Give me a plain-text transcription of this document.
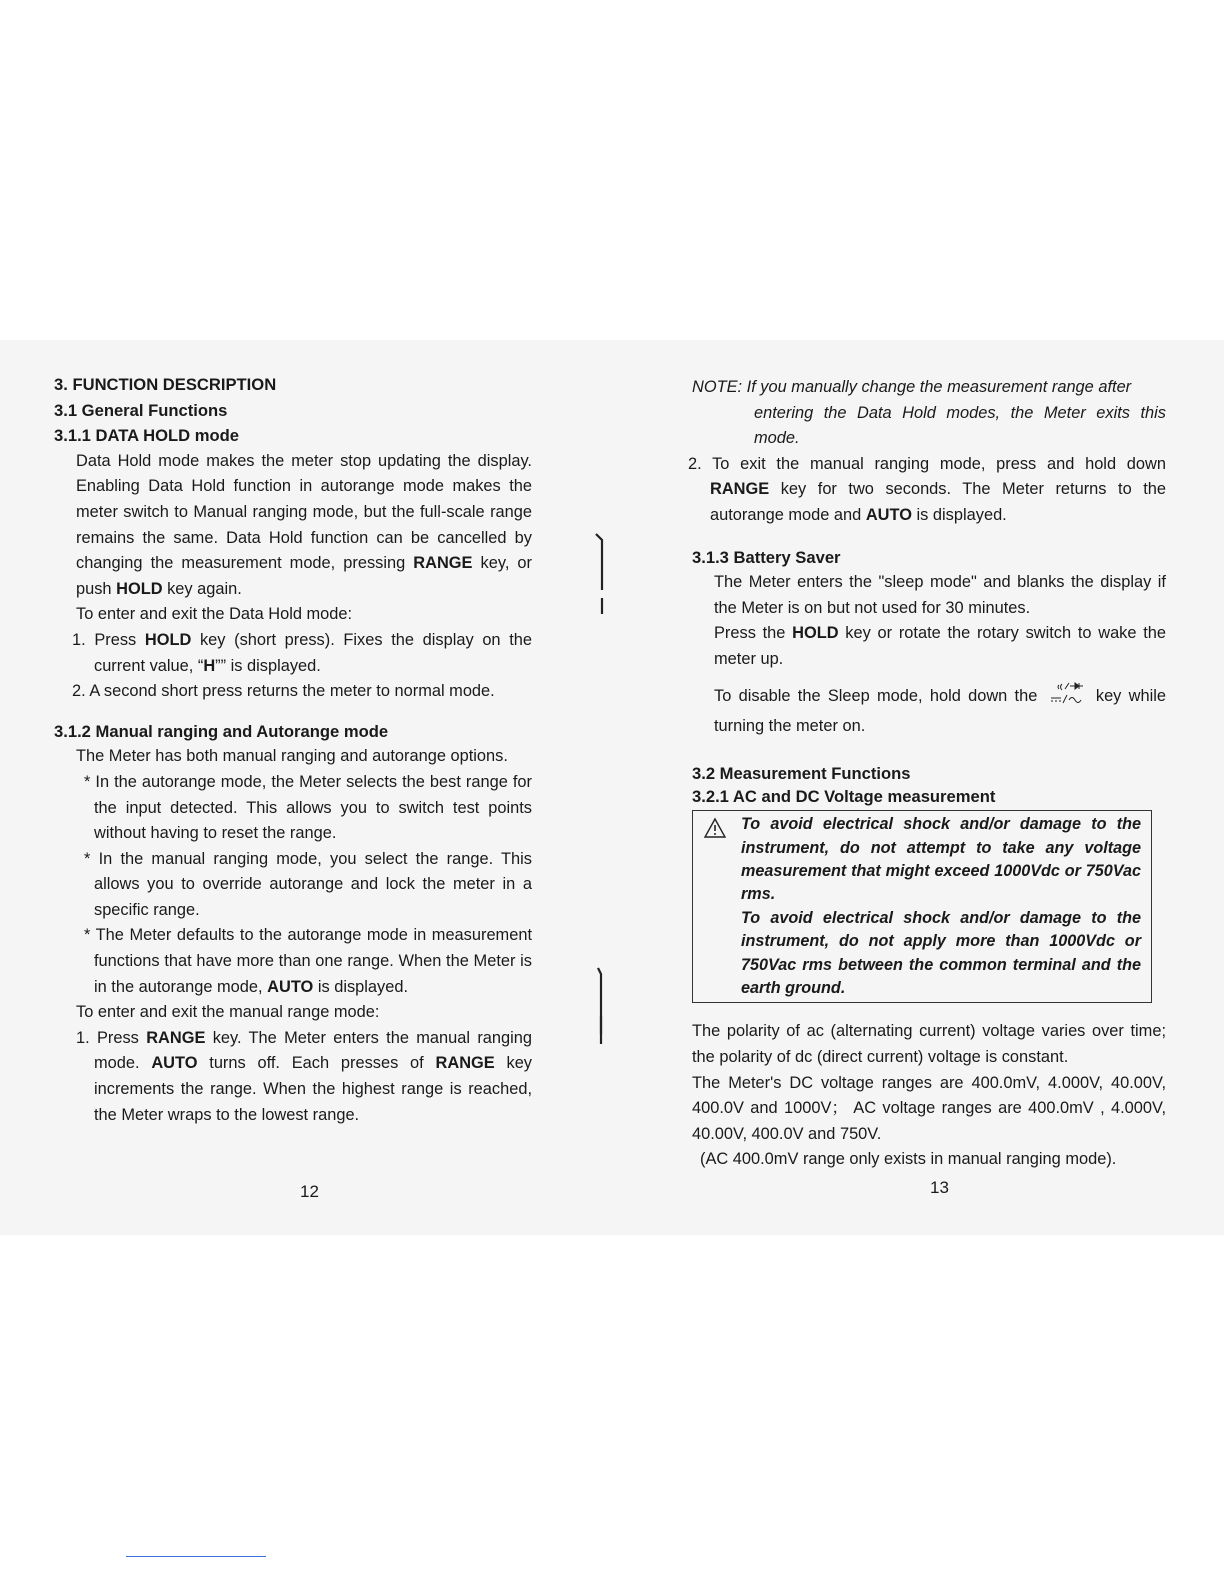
3. FUNCTION DESCRIPTION

3.1 General Functions

3.1.1 DATA HOLD mode

Data Hold mode makes the meter stop updating the display. Enabling Data Hold function in autorange mode makes the meter switch to Manual ranging mode, but the full-scale range remains the same. Data Hold function can be cancelled by changing the measurement mode, pressing RANGE key, or push HOLD key again.

To enter and exit the Data Hold mode:

1. Press HOLD key (short press). Fixes the display on the current value, “H”” is displayed.

2. A second short press returns the meter to normal mode.

3.1.2 Manual ranging and Autorange mode

The Meter has both manual ranging and autorange options.

* In the autorange mode, the Meter selects the best range for the input detected. This allows you to switch test points without having to reset the range.

* In the manual ranging mode, you select the range. This allows you to override autorange and lock the meter in a specific range.

* The Meter defaults to the autorange mode in measurement functions that have more than one range. When the Meter is in the autorange mode, AUTO is displayed.

To enter and exit the manual range mode:

1. Press RANGE key. The Meter enters the manual ranging mode. AUTO turns off. Each presses of RANGE key increments the range. When the highest range is reached, the Meter wraps to the lowest range.

12

NOTE: If you manually change the measurement range after

entering the Data Hold modes, the Meter exits this mode.

2. To exit the manual ranging mode, press and hold down RANGE key for two seconds. The Meter returns to the autorange mode and AUTO is displayed.

3.1.3 Battery Saver

The Meter enters the "sleep mode" and blanks the display if the Meter is on but not used for 30 minutes.

Press the HOLD key or rotate the rotary switch to wake the meter up.

To disable the Sleep mode, hold down the	key while turning the meter on.

3.2 Measurement Functions

3.2.1 AC and DC Voltage measurement

To avoid electrical shock and/or damage to the instrument, do not attempt to take any voltage measurement that might exceed 1000Vdc or 750Vac rms.

To avoid electrical shock and/or damage to the instrument, do not apply more than 1000Vdc or 750Vac rms between the common terminal and the earth ground.

The polarity of ac (alternating current) voltage varies over time; the polarity of dc (direct current) voltage is constant.

The Meter's DC voltage ranges are 400.0mV, 4.000V, 40.00V, 400.0V and 1000V； AC voltage ranges are 400.0mV , 4.000V, 40.00V, 400.0V and 750V.

(AC 400.0mV range only exists in manual ranging mode).

13
